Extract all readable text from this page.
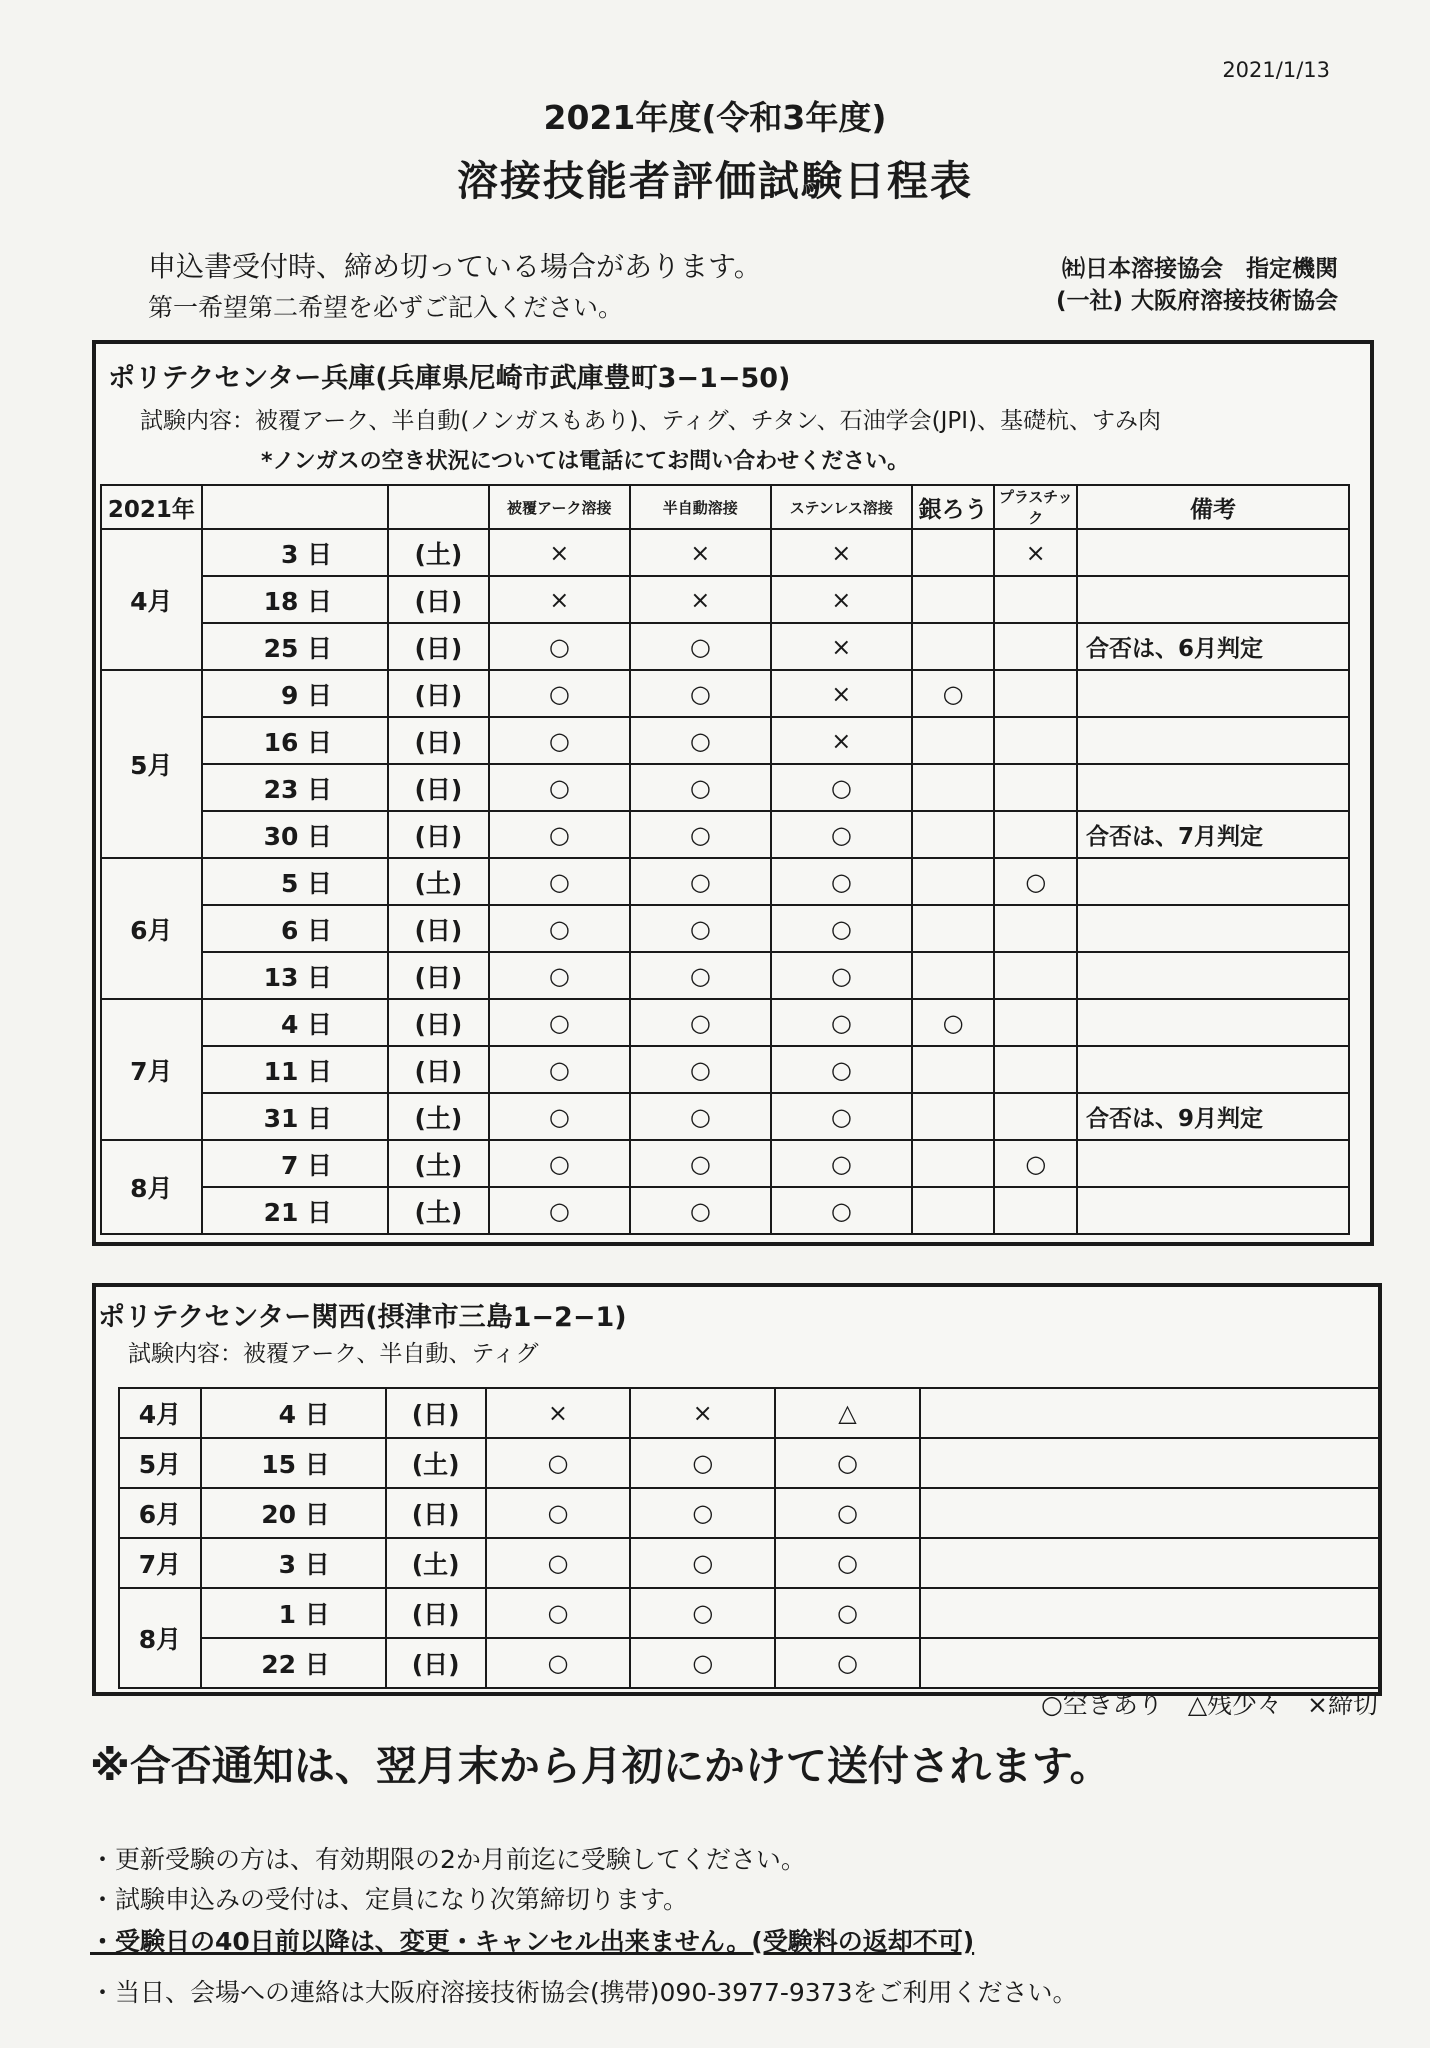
2021/1/13
2021年度(令和3年度)
溶接技能者評価試験日程表
申込書受付時、締め切っている場合があります。
第一希望第二希望を必ずご記入ください。
㈳日本溶接協会　指定機関
(一社) 大阪府溶接技術協会
ポリテクセンター兵庫(兵庫県尼崎市武庫豊町3−1−50)
試験内容：被覆アーク、半自動(ノンガスもあり)、ティグ、チタン、石油学会(JPI)、基礎杭、すみ肉
*ノンガスの空き状況については電話にてお問い合わせください。
2021年			被覆アーク溶接	半自動溶接	ステンレス溶接	銀ろう	プラスチック	備考
4月	3 日	(土)	×	×	×		×	
	18 日	(日)	×	×	×			
	25 日	(日)	○	○	×			合否は、6月判定
5月	9 日	(日)	○	○	×	○		
	16 日	(日)	○	○	×			
	23 日	(日)	○	○	○			
	30 日	(日)	○	○	○			合否は、7月判定
6月	5 日	(土)	○	○	○		○	
	6 日	(日)	○	○	○			
	13 日	(日)	○	○	○			
7月	4 日	(日)	○	○	○	○		
	11 日	(日)	○	○	○			
	31 日	(土)	○	○	○			合否は、9月判定
8月	7 日	(土)	○	○	○		○	
	21 日	(土)	○	○	○			
ポリテクセンター関西(摂津市三島1−2−1)
試験内容：被覆アーク、半自動、ティグ
4月	4 日	(日)	×	×	△	
5月	15 日	(土)	○	○	○	
6月	20 日	(日)	○	○	○	
7月	3 日	(土)	○	○	○	
8月	1 日	(日)	○	○	○	
	22 日	(日)	○	○	○	
○空きあり　△残少々　×締切
※合否通知は、翌月末から月初にかけて送付されます。
・更新受験の方は、有効期限の2か月前迄に受験してください。
・試験申込みの受付は、定員になり次第締切ります。
・受験日の40日前以降は、変更・キャンセル出来ません。(受験料の返却不可)
・当日、会場への連絡は大阪府溶接技術協会(携帯)090-3977-9373をご利用ください。
